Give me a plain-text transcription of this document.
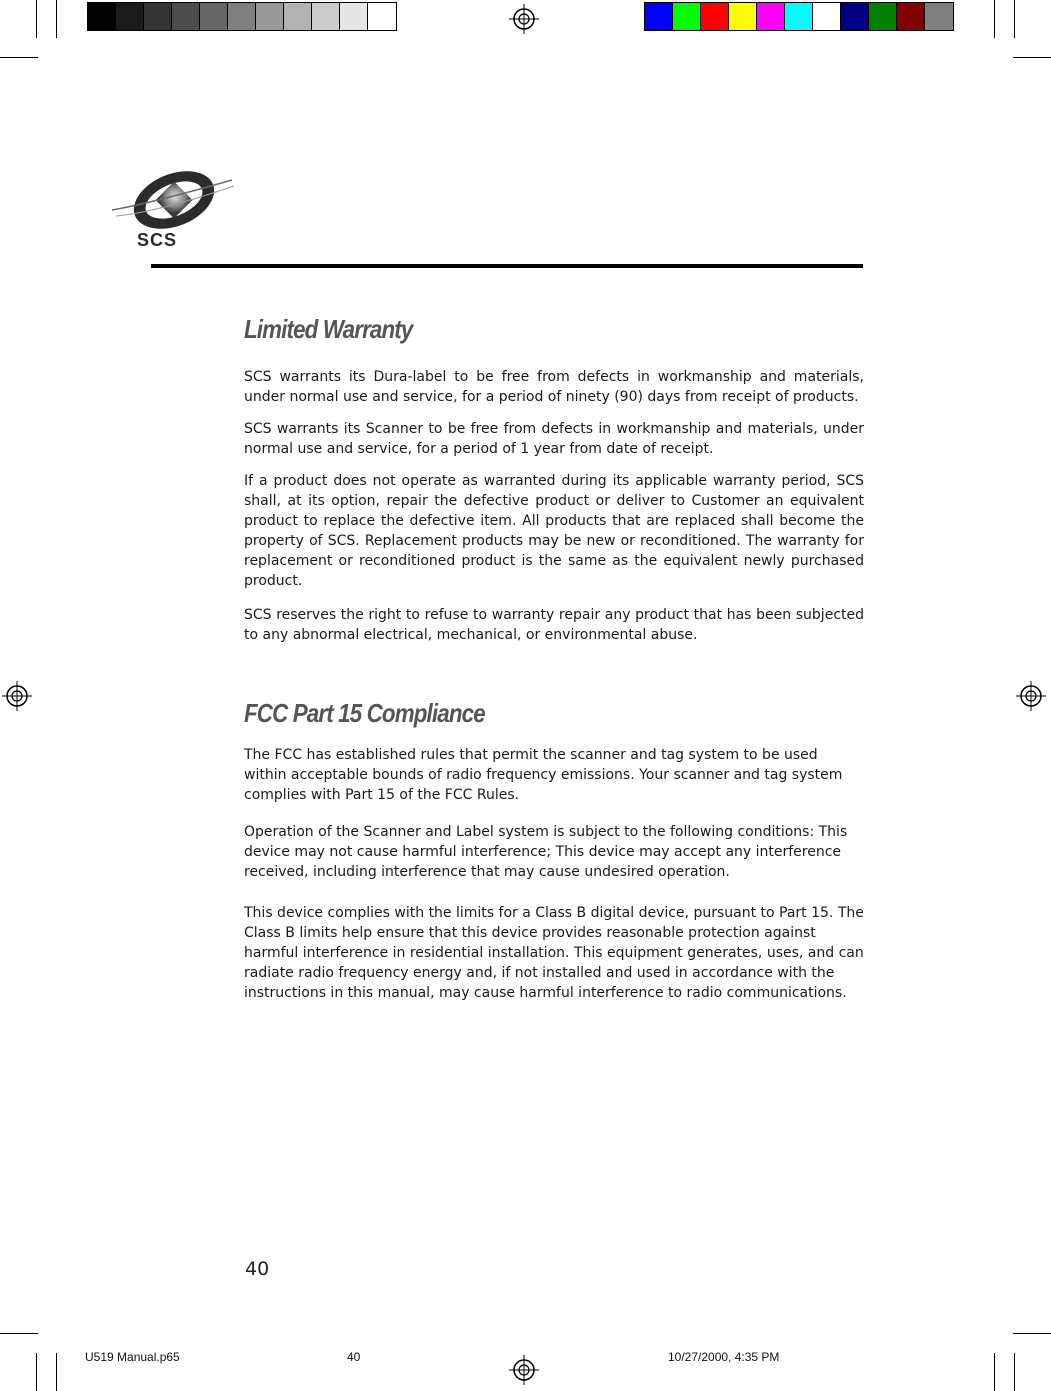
SCS
Limited Warranty

SCS warrants its Dura-label to be free from defects in workmanship and materials, under normal use and service, for a period of ninety (90) days from receipt of products.

SCS warrants its Scanner to be free from defects in workmanship and materials, under normal use and service, for a period of 1 year from date of receipt.

If a product does not operate as warranted during its applicable warranty period, SCS shall, at its option, repair the defective product or deliver to Customer an equivalent product to replace the defective item. All products that are replaced shall become the property of SCS. Replacement products may be new or reconditioned. The warranty for replacement or reconditioned product is the same as the equivalent newly purchased product.

SCS reserves the right to refuse to warranty repair any product that has been subjected to any abnormal electrical, mechanical, or environmental abuse.

FCC Part 15 Compliance

The FCC has established rules that permit the scanner and tag system to be used within acceptable bounds of radio frequency emissions. Your scanner and tag system complies with Part 15 of the FCC Rules.

Operation of the Scanner and Label system is subject to the following conditions: This device may not cause harmful interference; This device may accept any interference received, including interference that may cause undesired operation.

This device complies with the limits for a Class B digital device, pursuant to Part 15. The Class B limits help ensure that this device provides reasonable protection against harmful interference in residential installation. This equipment generates, uses, and can radiate radio frequency energy and, if not installed and used in accordance with the instructions in this manual, may cause harmful interference to radio communications.

40
U519 Manual.p65	40	10/27/2000, 4:35 PM
